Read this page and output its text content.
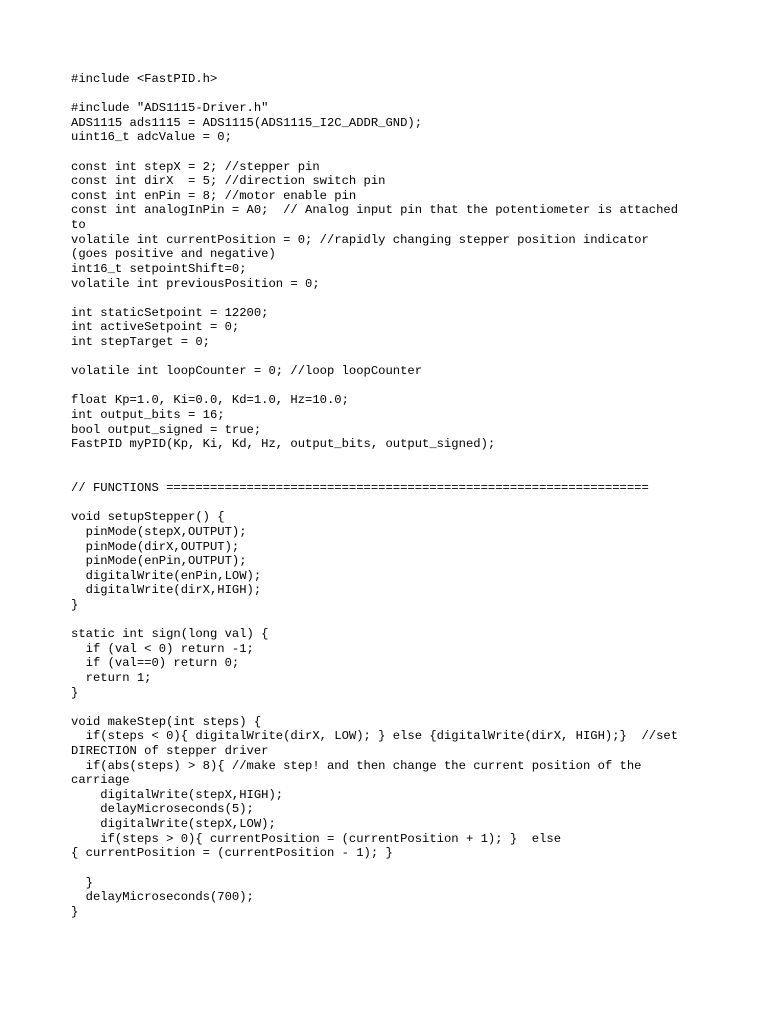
#include <FastPID.h>
#include "ADS1115-Driver.h"
ADS1115 ads1115 = ADS1115(ADS1115_I2C_ADDR_GND);
uint16_t adcValue = 0;
const int stepX = 2; //stepper pin
const int dirX  = 5; //direction switch pin
const int enPin = 8; //motor enable pin
const int analogInPin = A0;  // Analog input pin that the potentiometer is attached
to
volatile int currentPosition = 0; //rapidly changing stepper position indicator
(goes positive and negative)
int16_t setpointShift=0;
volatile int previousPosition = 0;
int staticSetpoint = 12200;
int activeSetpoint = 0;
int stepTarget = 0;
volatile int loopCounter = 0; //loop loopCounter
float Kp=1.0, Ki=0.0, Kd=1.0, Hz=10.0;
int output_bits = 16;
bool output_signed = true;
FastPID myPID(Kp, Ki, Kd, Hz, output_bits, output_signed);
// FUNCTIONS ==================================================================
void setupStepper() {
pinMode(stepX,OUTPUT);
pinMode(dirX,OUTPUT);
pinMode(enPin,OUTPUT);
digitalWrite(enPin,LOW);
digitalWrite(dirX,HIGH);
}
static int sign(long val) {
if (val < 0) return -1;
if (val==0) return 0;
return 1;
}
void makeStep(int steps) {
if(steps < 0){ digitalWrite(dirX, LOW); } else {digitalWrite(dirX, HIGH);}  //set
DIRECTION of stepper driver
if(abs(steps) > 8){ //make step! and then change the current position of the
carriage
digitalWrite(stepX,HIGH);
delayMicroseconds(5);
digitalWrite(stepX,LOW);
if(steps > 0){ currentPosition = (currentPosition + 1); }  else
{ currentPosition = (currentPosition - 1); }
}
delayMicroseconds(700);
}
